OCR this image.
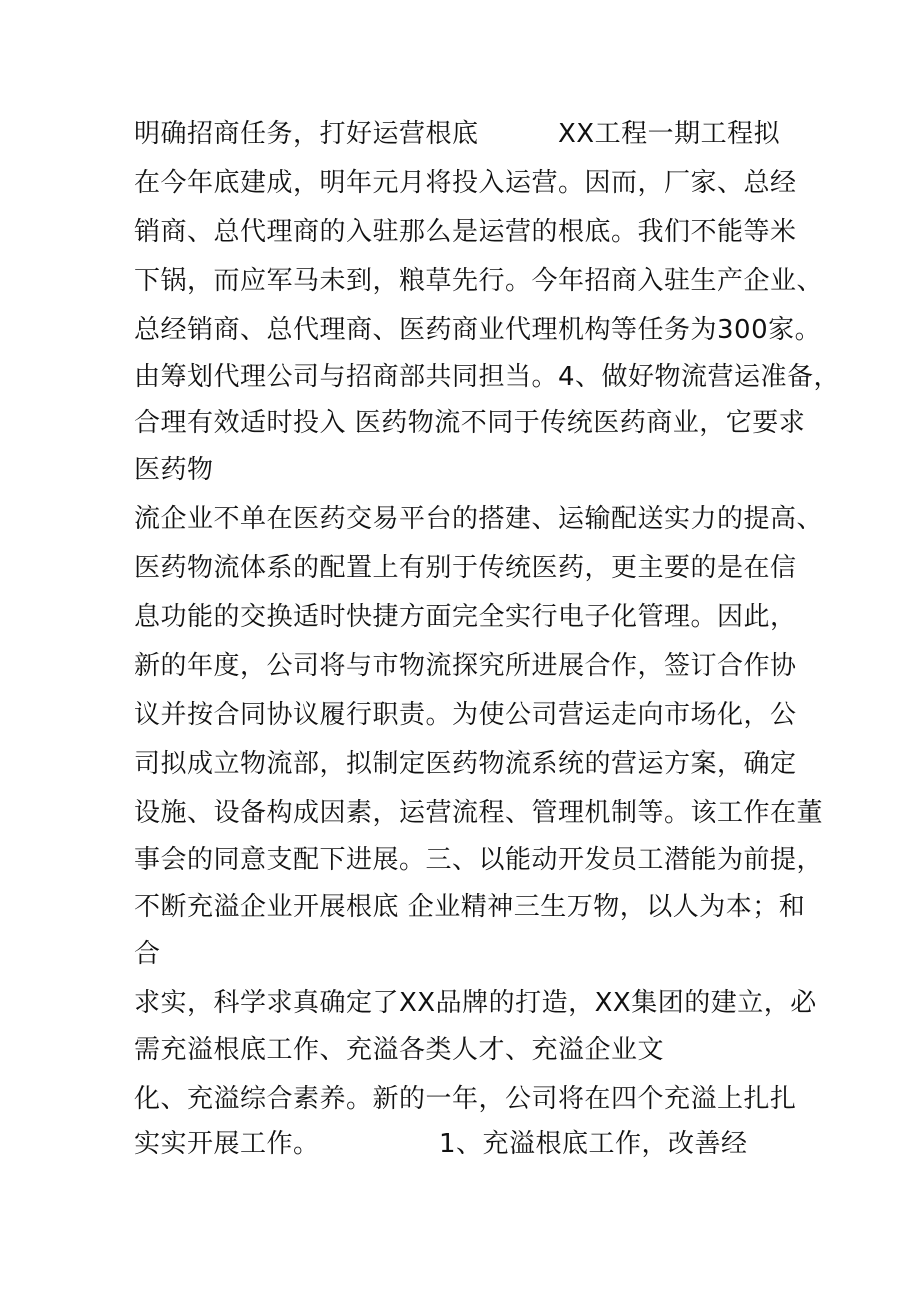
明确招商任务，打好运营根底　　　XX工程一期工程拟

在今年底建成，明年元月将投入运营。因而，厂家、总经

销商、总代理商的入驻那么是运营的根底。我们不能等米

下锅，而应军马未到，粮草先行。今年招商入驻生产企业、

总经销商、总代理商、医药商业代理机构等任务为300家。

由筹划代理公司与招商部共同担当。4、做好物流营运准备，

合理有效适时投入 医药物流不同于传统医药商业，它要求

医药物

流企业不单在医药交易平台的搭建、运输配送实力的提高、

医药物流体系的配置上有别于传统医药，更主要的是在信

息功能的交换适时快捷方面完全实行电子化管理。因此，

新的年度，公司将与市物流探究所进展合作，签订合作协

议并按合同协议履行职责。为使公司营运走向市场化，公

司拟成立物流部，拟制定医药物流系统的营运方案，确定

设施、设备构成因素，运营流程、管理机制等。该工作在董

事会的同意支配下进展。三、以能动开发员工潜能为前提，

不断充溢企业开展根底 企业精神三生万物，以人为本；和

合

求实，科学求真确定了XX品牌的打造，XX集团的建立，必

需充溢根底工作、充溢各类人才、充溢企业文

化、充溢综合素养。新的一年，公司将在四个充溢上扎扎

实实开展工作。　　　　　1、充溢根底工作，改善经
